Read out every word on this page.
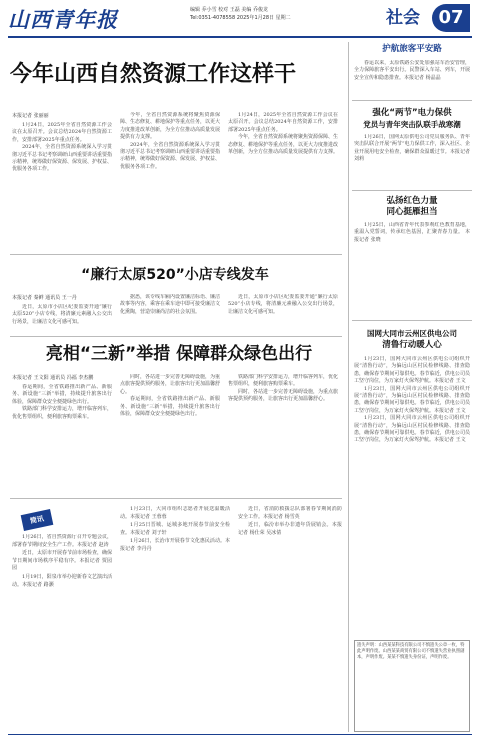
山西青年报	编辑 乔小雪 校对 王磊 美编 乔俊龙
Tel:0351-4078558 2025年1月28日 星期二	社会	07
今年山西自然资源工作这样干
本报记者 张丽丽

1月24日，2025年全省自然资源工作会议在太原召开。会议总结2024年自然资源工作，安排部署2025年重点任务。

2024年，全省自然资源系统深入学习贯彻习近平总书记考察调研山西重要讲话重要指示精神，统筹做好保资源、保发展、护权益、优服务各项工作。

今年，全省自然资源系统将聚焦资源保障、生态修复、耕地保护等重点任务，以更大力度推进改革创新，为全方位推动高质量发展提供有力支撑。

2024年，全省自然资源系统深入学习贯彻习近平总书记考察调研山西重要讲话重要指示精神，统筹做好保资源、保发展、护权益、优服务各项工作。

1月24日，2025年全省自然资源工作会议在太原召开。会议总结2024年自然资源工作，安排部署2025年重点任务。

今年，全省自然资源系统将聚焦资源保障、生态修复、耕地保护等重点任务，以更大力度推进改革创新，为全方位推动高质量发展提供有力支撑。

“廉行太原520”小店专线发车
本报记者 秦鲜 通讯员 王一丹

近日，太原市小店区纪委监委开通“廉行太原520”小店专线，将清廉元素融入公交出行场景，让廉洁文化可感可知。

据悉，该专线车厢内设置廉洁标语、廉洁故事等内容，乘客在乘车途中即可接受廉洁文化熏陶，营造崇廉尚洁的社会氛围。

近日，太原市小店区纪委监委开通“廉行太原520”小店专线，将清廉元素融入公交出行场景，让廉洁文化可感可知。

亮相“三新”举措 保障群众绿色出行
本报记者 王文阳 通讯员 冯福 李杰鹏

春运期间，全省铁路推出新产品、新服务、新设施“三新”举措，持续提升旅客出行体验，保障群众安全便捷绿色出行。

铁路部门科学安排运力，增开临客列车，优化售票组织，便利旅客购票乘车。

同时，各站进一步完善无障碍设施，为重点旅客提供预约服务，让旅客出行更加温馨舒心。

春运期间，全省铁路推出新产品、新服务、新设施“三新”举措，持续提升旅客出行体验，保障群众安全便捷绿色出行。

铁路部门科学安排运力，增开临客列车，优化售票组织，便利旅客购票乘车。

同时，各站进一步完善无障碍设施，为重点旅客提供预约服务，让旅客出行更加温馨舒心。

简讯

1月26日，省自然资源厅召开专题会议，部署春节期间安全生产工作。本报记者 赵涛

近日，太原市开展春节前市场检查，确保节日期间市场秩序平稳有序。本报记者 贾园园

1月19日，阳泉市举办迎新春文艺演出活动。本报记者 路灏

1月23日，大同市组织志愿者开展送温暖活动。本报记者 王蓉蓉

1月25日晋城、运城多地开展春节前安全检查。本报记者 刘子轩

1月26日，长治市开展春节文化惠民活动。本报记者 李丹丹

近日，省消防救援总队部署春节期间消防安全工作。本报记者 杨雪英

近日，临汾市举办非遗年货展销会。本报记者 杨仕荣 吴冰倩

护航旅客平安路

春运以来，太原铁路公安处加强站车治安管理，全力保障旅客平安出行。民警深入车站、列车，开展安全宣传和隐患排查。本报记者 杨晶晶

强化“两节”电力保供
党员与青年突击队联手战寒潮

1月26日，国网太原供电公司党员服务队、青年突击队联合开展“两节”电力保供工作，深入社区、企业开展用电安全检查，确保群众温暖过节。本报记者 刘莉

弘扬红色力量
同心挺雁担当

1月25日，山西省青年代表参观红色教育基地，重温入党誓词，传承红色基因，汇聚青春力量。 本报记者 张晓

国网大同市云州区供电公司
清鲁行动暖人心

1月23日，国网大同市云州区供电公司组织开展“清鲁行动”，为偏远山区村民检修线路、排查隐患，确保春节期间可靠供电。春节临近，供电公司员工坚守岗位，为万家灯火保驾护航。本报记者 王文

1月23日，国网大同市云州区供电公司组织开展“清鲁行动”，为偏远山区村民检修线路、排查隐患，确保春节期间可靠供电。春节临近，供电公司员工坚守岗位，为万家灯火保驾护航。本报记者 王文

1月23日，国网大同市云州区供电公司组织开展“清鲁行动”，为偏远山区村民检修线路、排查隐患，确保春节期间可靠供电。春节临近，供电公司员工坚守岗位，为万家灯火保驾护航。本报记者 王文

遗失声明：山西某某科技有限公司不慎遗失公章一枚，特此声明作废。山西某某商贸有限公司不慎遗失营业执照副本，声明作废。某某不慎遗失身份证，声明作废。
